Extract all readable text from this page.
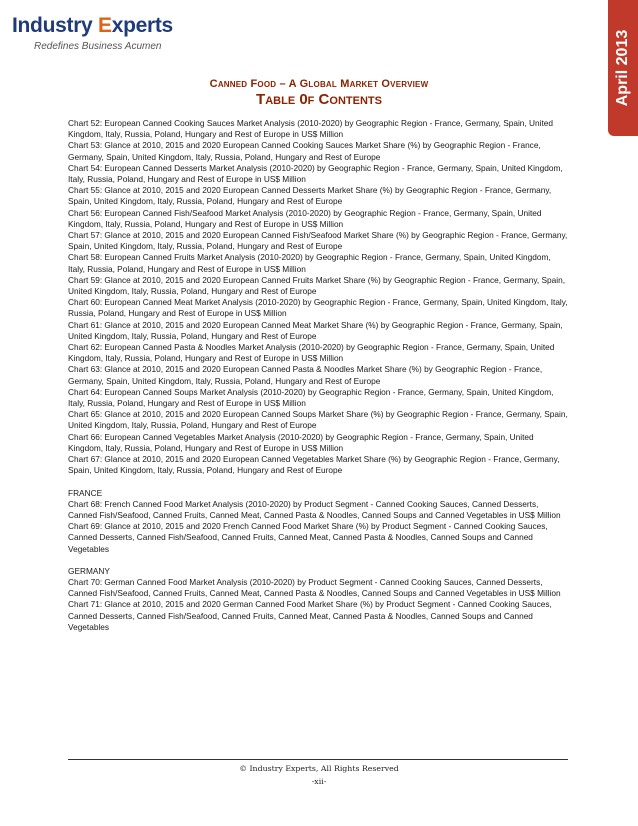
Industry Experts
Redefines Business Acumen	April 2013
Canned Food – A Global Market Overview
Table 0f Contents

Chart 52: European Canned Cooking Sauces Market Analysis (2010-2020) by Geographic Region - France, Germany, Spain, United Kingdom, Italy, Russia, Poland, Hungary and Rest of Europe in US$ Million

Chart 53: Glance at 2010, 2015 and 2020 European Canned Cooking Sauces Market Share (%) by Geographic Region - France, Germany, Spain, United Kingdom, Italy, Russia, Poland, Hungary and Rest of Europe

Chart 54: European Canned Desserts Market Analysis (2010-2020) by Geographic Region - France, Germany, Spain, United Kingdom, Italy, Russia, Poland, Hungary and Rest of Europe in US$ Million

Chart 55: Glance at 2010, 2015 and 2020 European Canned Desserts Market Share (%) by Geographic Region - France, Germany, Spain, United Kingdom, Italy, Russia, Poland, Hungary and Rest of Europe

Chart 56: European Canned Fish/Seafood Market Analysis (2010-2020) by Geographic Region - France, Germany, Spain, United Kingdom, Italy, Russia, Poland, Hungary and Rest of Europe in US$ Million

Chart 57: Glance at 2010, 2015 and 2020 European Canned Fish/Seafood Market Share (%) by Geographic Region - France, Germany, Spain, United Kingdom, Italy, Russia, Poland, Hungary and Rest of Europe

Chart 58: European Canned Fruits Market Analysis (2010-2020) by Geographic Region - France, Germany, Spain, United Kingdom, Italy, Russia, Poland, Hungary and Rest of Europe in US$ Million

Chart 59: Glance at 2010, 2015 and 2020 European Canned Fruits Market Share (%) by Geographic Region - France, Germany, Spain, United Kingdom, Italy, Russia, Poland, Hungary and Rest of Europe

Chart 60: European Canned Meat Market Analysis (2010-2020) by Geographic Region - France, Germany, Spain, United Kingdom, Italy, Russia, Poland, Hungary and Rest of Europe in US$ Million

Chart 61: Glance at 2010, 2015 and 2020 European Canned Meat Market Share (%) by Geographic Region - France, Germany, Spain, United Kingdom, Italy, Russia, Poland, Hungary and Rest of Europe

Chart 62: European Canned Pasta & Noodles Market Analysis (2010-2020) by Geographic Region - France, Germany, Spain, United Kingdom, Italy, Russia, Poland, Hungary and Rest of Europe in US$ Million

Chart 63: Glance at 2010, 2015 and 2020 European Canned Pasta & Noodles Market Share (%) by Geographic Region - France, Germany, Spain, United Kingdom, Italy, Russia, Poland, Hungary and Rest of Europe

Chart 64: European Canned Soups Market Analysis (2010-2020) by Geographic Region - France, Germany, Spain, United Kingdom, Italy, Russia, Poland, Hungary and Rest of Europe in US$ Million

Chart 65: Glance at 2010, 2015 and 2020 European Canned Soups Market Share (%) by Geographic Region - France, Germany, Spain, United Kingdom, Italy, Russia, Poland, Hungary and Rest of Europe

Chart 66: European Canned Vegetables Market Analysis (2010-2020) by Geographic Region - France, Germany, Spain, United Kingdom, Italy, Russia, Poland, Hungary and Rest of Europe in US$ Million

Chart 67: Glance at 2010, 2015 and 2020 European Canned Vegetables Market Share (%) by Geographic Region - France, Germany, Spain, United Kingdom, Italy, Russia, Poland, Hungary and Rest of Europe

FRANCE

Chart 68: French Canned Food Market Analysis (2010-2020) by Product Segment - Canned Cooking Sauces, Canned Desserts, Canned Fish/Seafood, Canned Fruits, Canned Meat, Canned Pasta & Noodles, Canned Soups and Canned Vegetables in US$ Million

Chart 69: Glance at 2010, 2015 and 2020 French Canned Food Market Share (%) by Product Segment - Canned Cooking Sauces, Canned Desserts, Canned Fish/Seafood, Canned Fruits, Canned Meat, Canned Pasta & Noodles, Canned Soups and Canned Vegetables

GERMANY

Chart 70: German Canned Food Market Analysis (2010-2020) by Product Segment - Canned Cooking Sauces, Canned Desserts, Canned Fish/Seafood, Canned Fruits, Canned Meat, Canned Pasta & Noodles, Canned Soups and Canned Vegetables in US$ Million

Chart 71: Glance at 2010, 2015 and 2020 German Canned Food Market Share (%) by Product Segment - Canned Cooking Sauces, Canned Desserts, Canned Fish/Seafood, Canned Fruits, Canned Meat, Canned Pasta & Noodles, Canned Soups and Canned Vegetables

© Industry Experts, All Rights Reserved
-xii-
